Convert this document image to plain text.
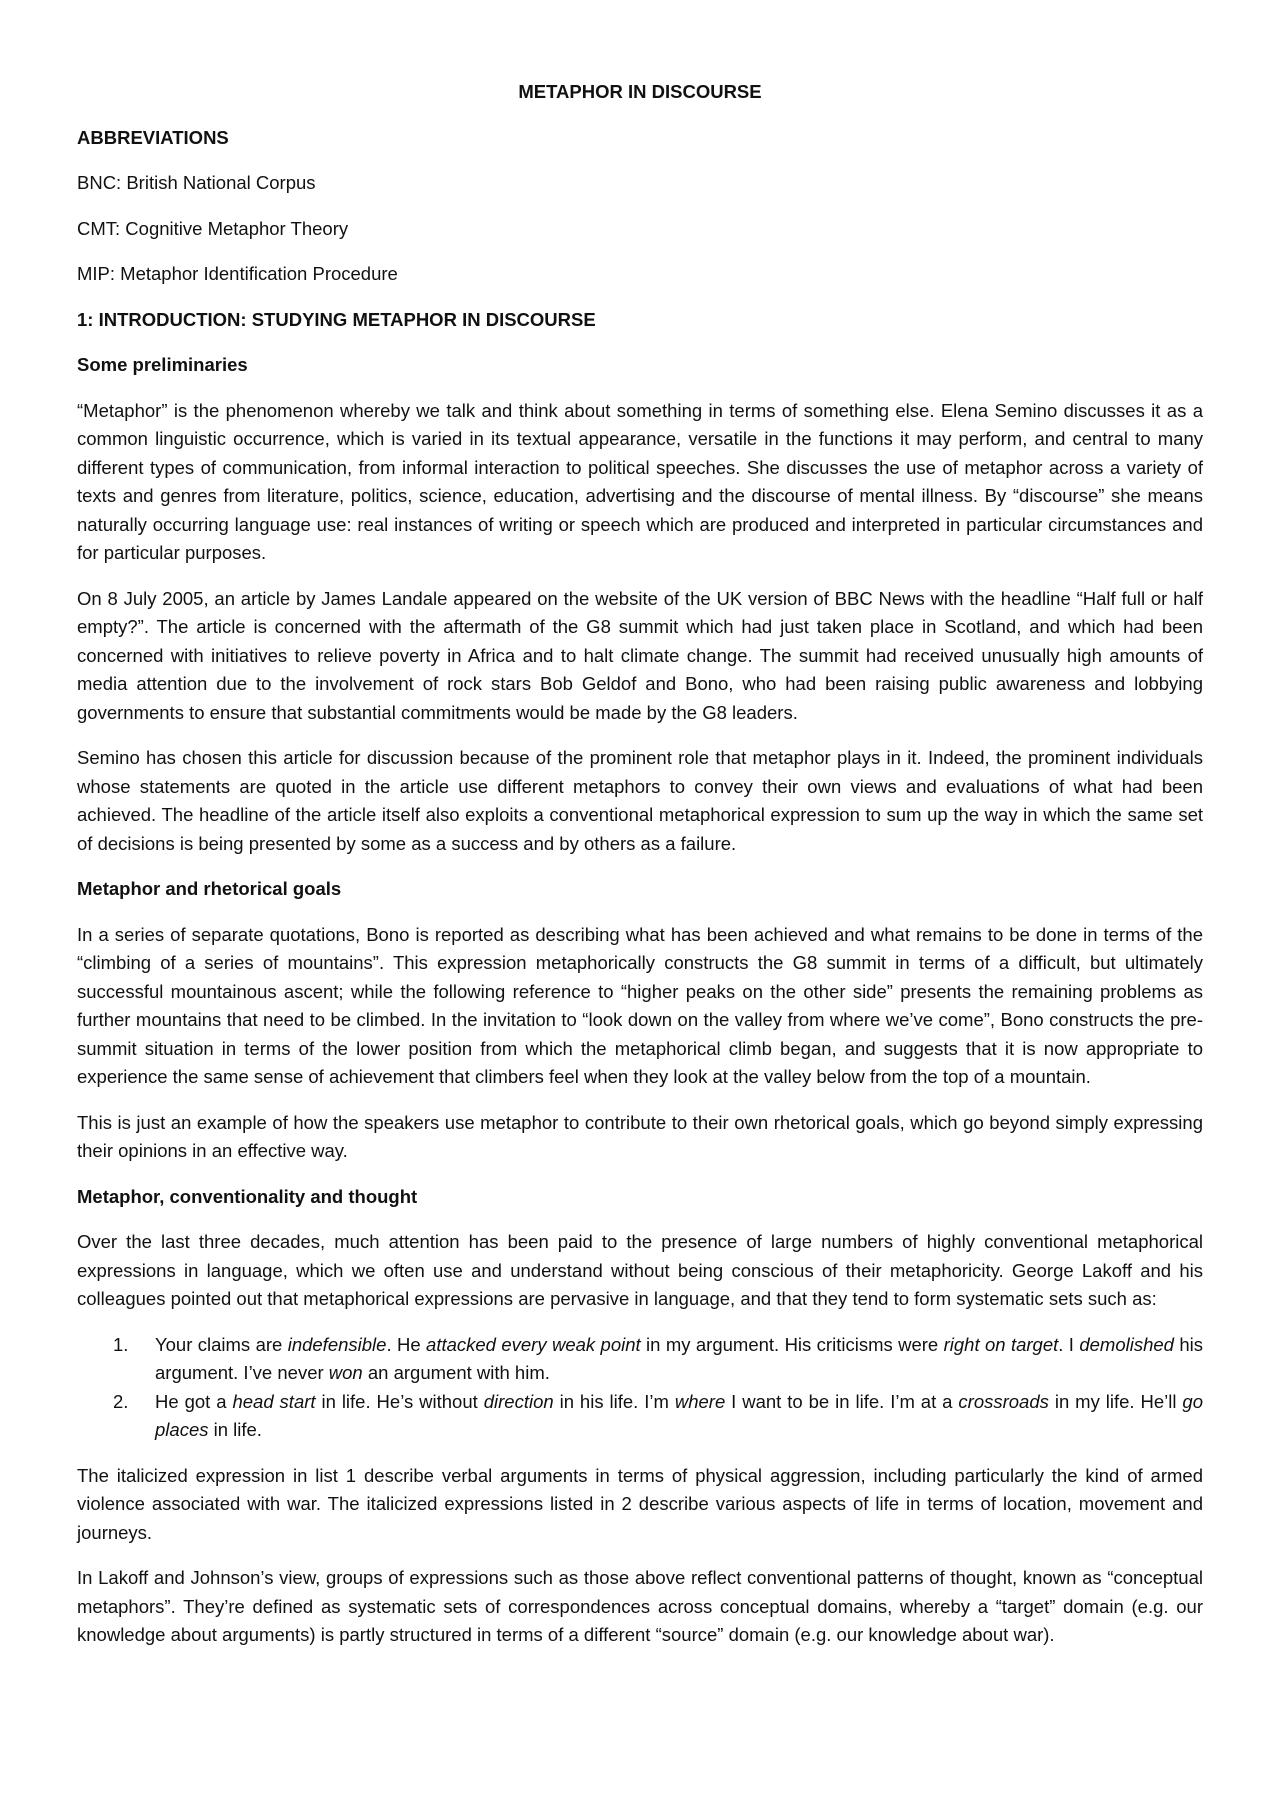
METAPHOR IN DISCOURSE
ABBREVIATIONS
BNC: British National Corpus
CMT: Cognitive Metaphor Theory
MIP: Metaphor Identification Procedure
1: INTRODUCTION: STUDYING METAPHOR IN DISCOURSE
Some preliminaries

“Metaphor” is the phenomenon whereby we talk and think about something in terms of something else. Elena Semino discusses it as a common linguistic occurrence, which is varied in its textual appearance, versatile in the functions it may perform, and central to many different types of communication, from informal interaction to political speeches. She discusses the use of metaphor across a variety of texts and genres from literature, politics, science, education, advertising and the discourse of mental illness. By “discourse” she means naturally occurring language use: real instances of writing or speech which are produced and interpreted in particular circumstances and for particular purposes.

On 8 July 2005, an article by James Landale appeared on the website of the UK version of BBC News with the headline “Half full or half empty?”. The article is concerned with the aftermath of the G8 summit which had just taken place in Scotland, and which had been concerned with initiatives to relieve poverty in Africa and to halt climate change. The summit had received unusually high amounts of media attention due to the involvement of rock stars Bob Geldof and Bono, who had been raising public awareness and lobbying governments to ensure that substantial commitments would be made by the G8 leaders.

Semino has chosen this article for discussion because of the prominent role that metaphor plays in it. Indeed, the prominent individuals whose statements are quoted in the article use different metaphors to convey their own views and evaluations of what had been achieved. The headline of the article itself also exploits a conventional metaphorical expression to sum up the way in which the same set of decisions is being presented by some as a success and by others as a failure.

Metaphor and rhetorical goals

In a series of separate quotations, Bono is reported as describing what has been achieved and what remains to be done in terms of the “climbing of a series of mountains”. This expression metaphorically constructs the G8 summit in terms of a difficult, but ultimately successful mountainous ascent; while the following reference to “higher peaks on the other side” presents the remaining problems as further mountains that need to be climbed. In the invitation to “look down on the valley from where we’ve come”, Bono constructs the pre-summit situation in terms of the lower position from which the metaphorical climb began, and suggests that it is now appropriate to experience the same sense of achievement that climbers feel when they look at the valley below from the top of a mountain.

This is just an example of how the speakers use metaphor to contribute to their own rhetorical goals, which go beyond simply expressing their opinions in an effective way.

Metaphor, conventionality and thought

Over the last three decades, much attention has been paid to the presence of large numbers of highly conventional metaphorical expressions in language, which we often use and understand without being conscious of their metaphoricity. George Lakoff and his colleagues pointed out that metaphorical expressions are pervasive in language, and that they tend to form systematic sets such as:

1. Your claims are indefensible. He attacked every weak point in my argument. His criticisms were right on target. I demolished his argument. I’ve never won an argument with him.
2. He got a head start in life. He’s without direction in his life. I’m where I want to be in life. I’m at a crossroads in my life. He’ll go places in life.

The italicized expression in list 1 describe verbal arguments in terms of physical aggression, including particularly the kind of armed violence associated with war. The italicized expressions listed in 2 describe various aspects of life in terms of location, movement and journeys.

In Lakoff and Johnson’s view, groups of expressions such as those above reflect conventional patterns of thought, known as “conceptual metaphors”. They’re defined as systematic sets of correspondences across conceptual domains, whereby a “target” domain (e.g. our knowledge about arguments) is partly structured in terms of a different “source” domain (e.g. our knowledge about war).
